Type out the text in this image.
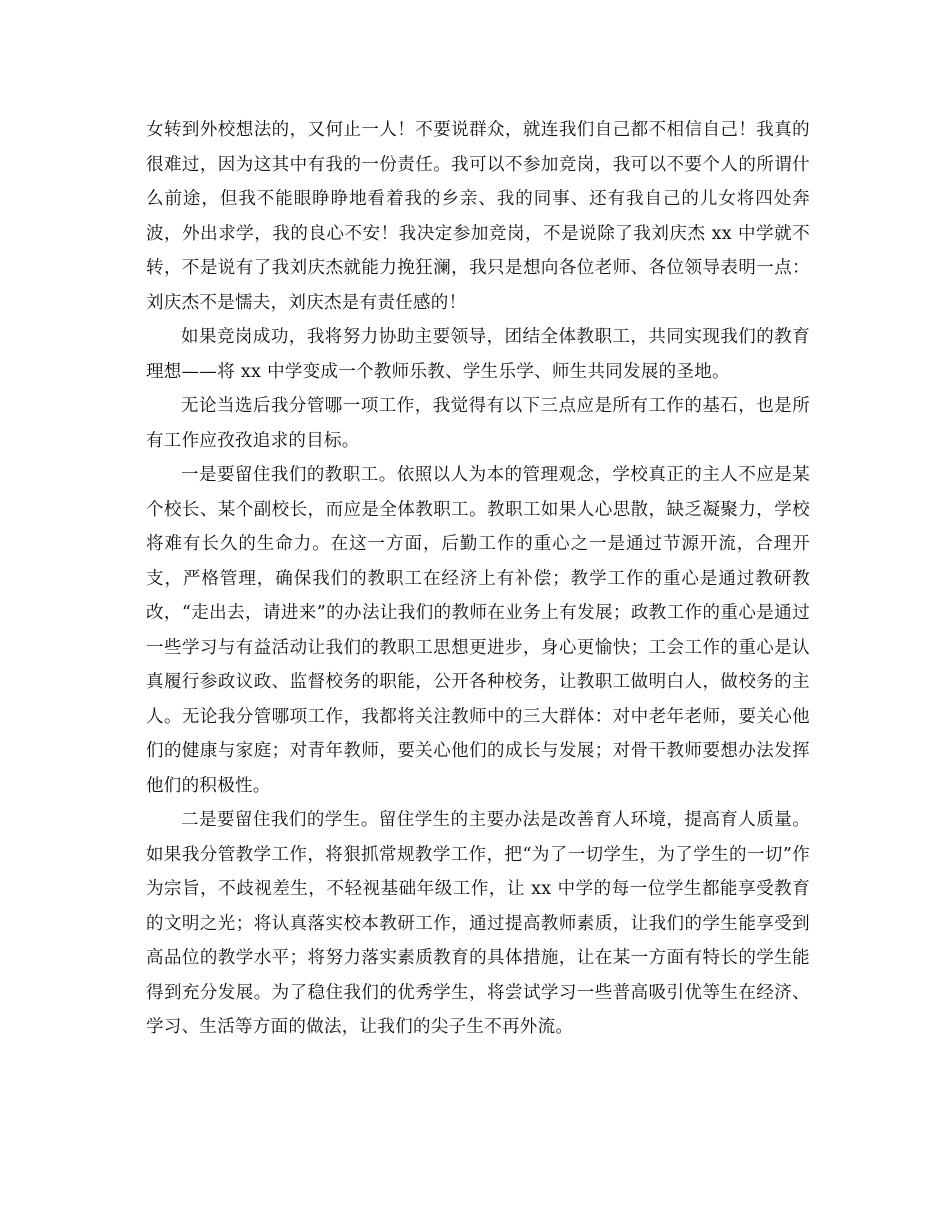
女转到外校想法的，又何止一人！不要说群众，就连我们自己都不相信自己！我真的很难过，因为这其中有我的一份责任。我可以不参加竞岗，我可以不要个人的所谓什么前途，但我不能眼睁睁地看着我的乡亲、我的同事、还有我自己的儿女将四处奔波，外出求学，我的良心不安！我决定参加竞岗，不是说除了我刘庆杰 xx 中学就不转，不是说有了我刘庆杰就能力挽狂澜，我只是想向各位老师、各位领导表明一点：刘庆杰不是懦夫，刘庆杰是有责任感的！

如果竞岗成功，我将努力协助主要领导，团结全体教职工，共同实现我们的教育理想——将 xx 中学变成一个教师乐教、学生乐学、师生共同发展的圣地。

无论当选后我分管哪一项工作，我觉得有以下三点应是所有工作的基石，也是所有工作应孜孜追求的目标。

一是要留住我们的教职工。依照以人为本的管理观念，学校真正的主人不应是某个校长、某个副校长，而应是全体教职工。教职工如果人心思散，缺乏凝聚力，学校将难有长久的生命力。在这一方面，后勤工作的重心之一是通过节源开流，合理开支，严格管理，确保我们的教职工在经济上有补偿；教学工作的重心是通过教研教改，“走出去，请进来”的办法让我们的教师在业务上有发展；政教工作的重心是通过一些学习与有益活动让我们的教职工思想更进步，身心更愉快；工会工作的重心是认真履行参政议政、监督校务的职能，公开各种校务，让教职工做明白人，做校务的主人。无论我分管哪项工作，我都将关注教师中的三大群体：对中老年老师，要关心他们的健康与家庭；对青年教师，要关心他们的成长与发展；对骨干教师要想办法发挥他们的积极性。

二是要留住我们的学生。留住学生的主要办法是改善育人环境，提高育人质量。如果我分管教学工作，将狠抓常规教学工作，把“为了一切学生，为了学生的一切”作为宗旨，不歧视差生，不轻视基础年级工作，让 xx 中学的每一位学生都能享受教育的文明之光；将认真落实校本教研工作，通过提高教师素质，让我们的学生能享受到高品位的教学水平；将努力落实素质教育的具体措施，让在某一方面有特长的学生能得到充分发展。为了稳住我们的优秀学生，将尝试学习一些普高吸引优等生在经济、学习、生活等方面的做法，让我们的尖子生不再外流。
